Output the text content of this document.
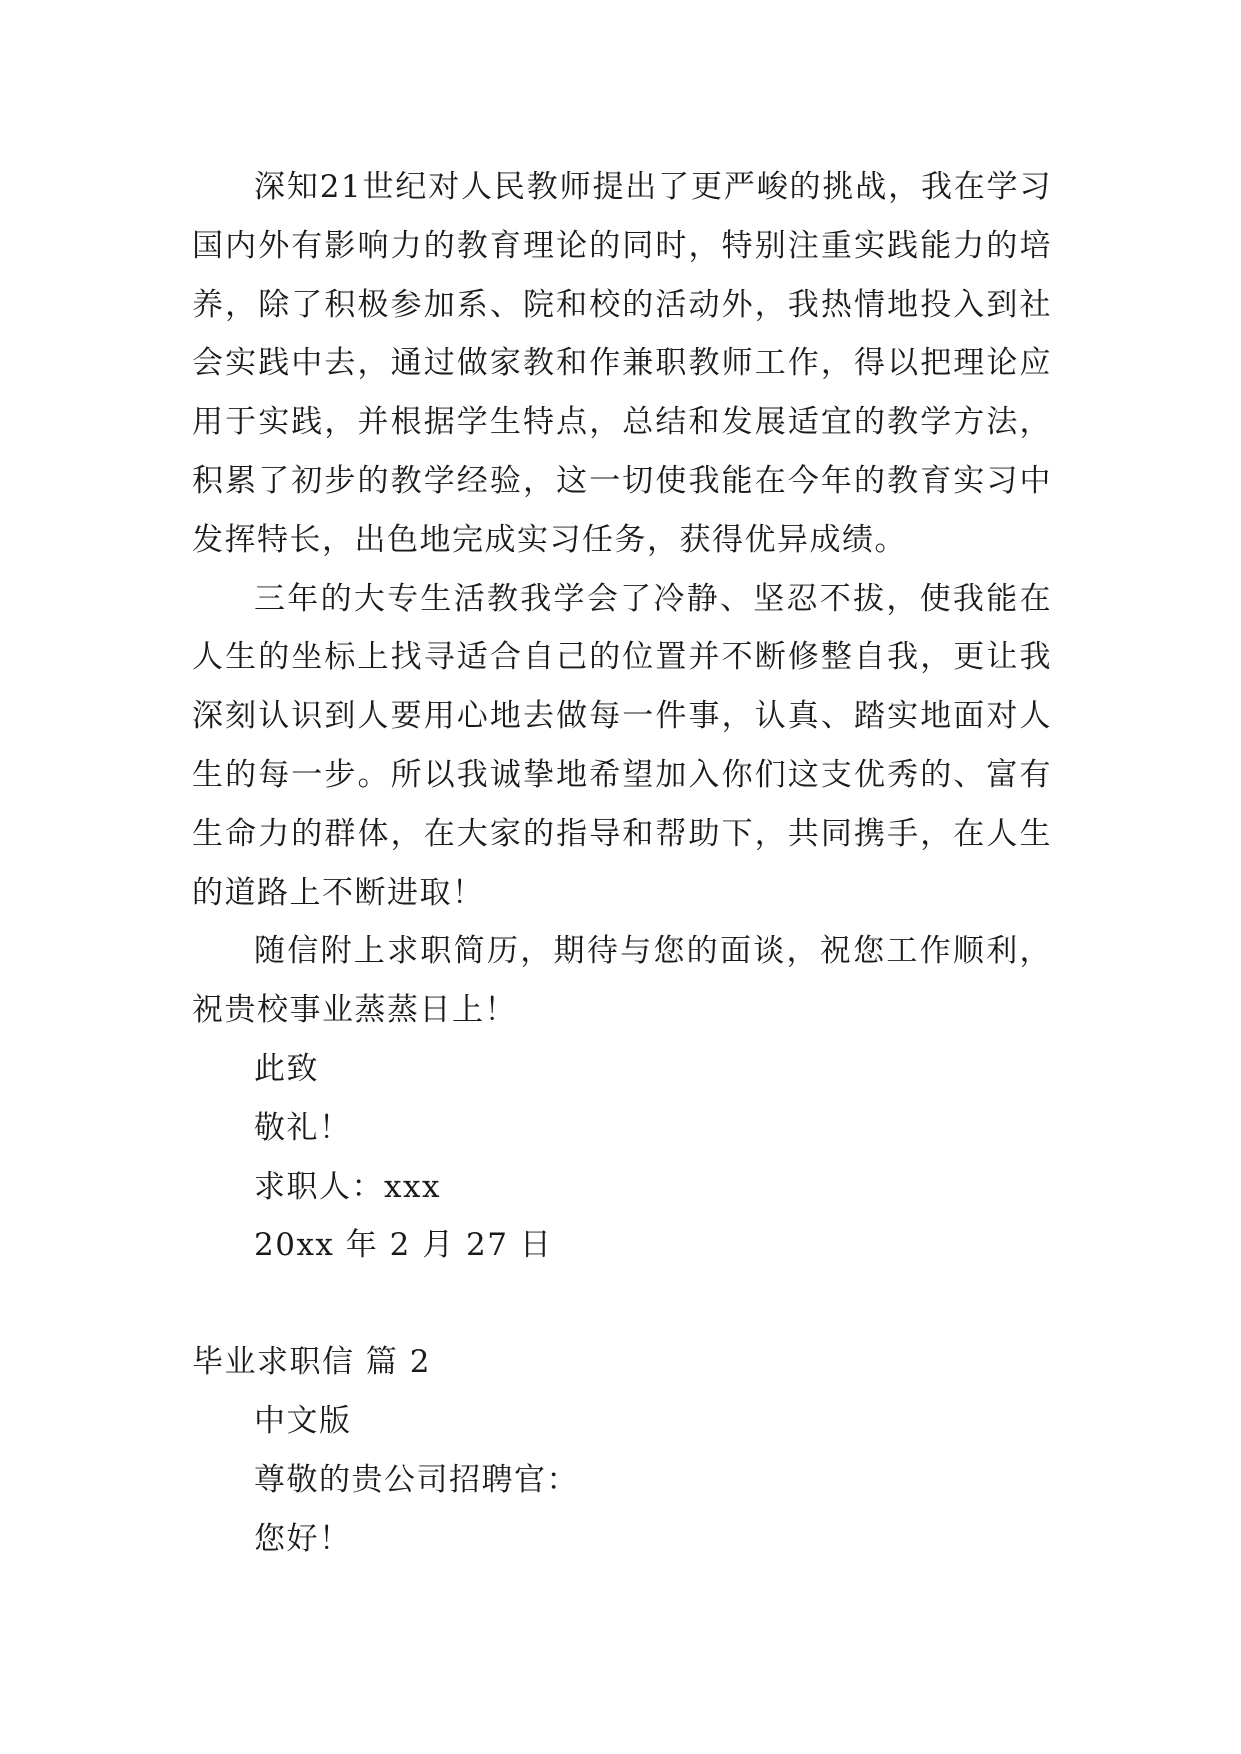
深知21世纪对人民教师提出了更严峻的挑战，我在学习国内外有影响力的教育理论的同时，特别注重实践能力的培养，除了积极参加系、院和校的活动外，我热情地投入到社会实践中去，通过做家教和作兼职教师工作，得以把理论应用于实践，并根据学生特点，总结和发展适宜的教学方法，积累了初步的教学经验，这一切使我能在今年的教育实习中发挥特长，出色地完成实习任务，获得优异成绩。

三年的大专生活教我学会了冷静、坚忍不拔，使我能在人生的坐标上找寻适合自己的位置并不断修整自我，更让我深刻认识到人要用心地去做每一件事，认真、踏实地面对人生的每一步。所以我诚挚地希望加入你们这支优秀的、富有生命力的群体，在大家的指导和帮助下，共同携手，在人生的道路上不断进取！

随信附上求职简历，期待与您的面谈，祝您工作顺利，祝贵校事业蒸蒸日上！

此致

敬礼！

求职人：xxx

20xx 年 2 月 27 日

毕业求职信 篇 2

中文版

尊敬的贵公司招聘官：

您好！
